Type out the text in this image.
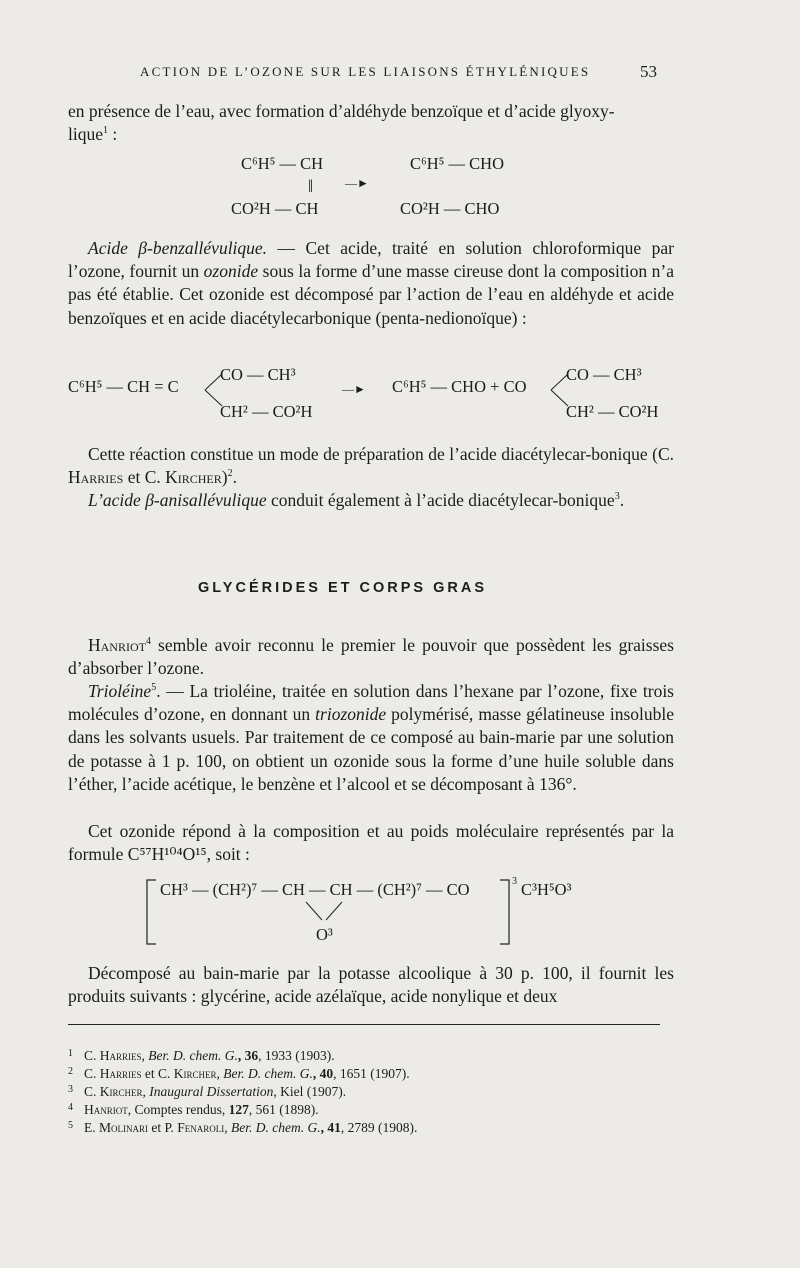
ACTION DE L’OZONE SUR LES LIAISONS ÉTHYLÉNIQUES	53
en présence de l’eau, avec formation d’aldéhyde benzoïque et d’acide glyoxy-
lique$^1$ :
C⁶H⁵ — CH
‖
CO²H — CH
—►
C⁶H⁵ — CHO
CO²H — CHO
Acide β-benzallévulique. — Cet acide, traité en solution chloroformique par l’ozone, fournit un ozonide sous la forme d’une masse cireuse dont la composition n’a pas été établie. Cet ozonide est décomposé par l’action de l’eau en aldéhyde et acide benzoïques et en acide diacétylecarbonique (penta-nedionoïque) :
C⁶H⁵ — CH = C
CO — CH³
CH² — CO²H
—► C⁶H⁵ — CHO + CO
CO — CH³
CH² — CO²H
Cette réaction constitue un mode de préparation de l’acide diacétylecar-bonique (C. Harries et C. Kircher)$^2$.
L’acide β-anisallévulique conduit également à l’acide diacétylecar-bonique$^3$.
GLYCÉRIDES ET CORPS GRAS
Hanriot$^4$ semble avoir reconnu le premier le pouvoir que possèdent les graisses d’absorber l’ozone.
Trioléine$^5$. — La trioléine, traitée en solution dans l’hexane par l’ozone, fixe trois molécules d’ozone, en donnant un triozonide polymérisé, masse gélatineuse insoluble dans les solvants usuels. Par traitement de ce composé au bain-marie par une solution de potasse à 1 p. 100, on obtient un ozonide sous la forme d’une huile soluble dans l’éther, l’acide acétique, le benzène et l’alcool et se décomposant à 136°.
Cet ozonide répond à la composition et au poids moléculaire représentés par la formule C⁵⁷H¹⁰⁴O¹⁵, soit :
CH³ — (CH²)⁷ — CH — CH — (CH²)⁷ — CO
O³
3 C³H⁵O³
Décomposé au bain-marie par la potasse alcoolique à 30 p. 100, il fournit les produits suivants : glycérine, acide azélaïque, acide nonylique et deux
1 C. Harries, Ber. D. chem. G., 36, 1933 (1903).
2 C. Harries et C. Kircher, Ber. D. chem. G., 40, 1651 (1907).
3 C. Kircher, Inaugural Dissertation, Kiel (1907).
4 Hanriot, Comptes rendus, 127, 561 (1898).
5 E. Molinari et P. Fenaroli, Ber. D. chem. G., 41, 2789 (1908).
